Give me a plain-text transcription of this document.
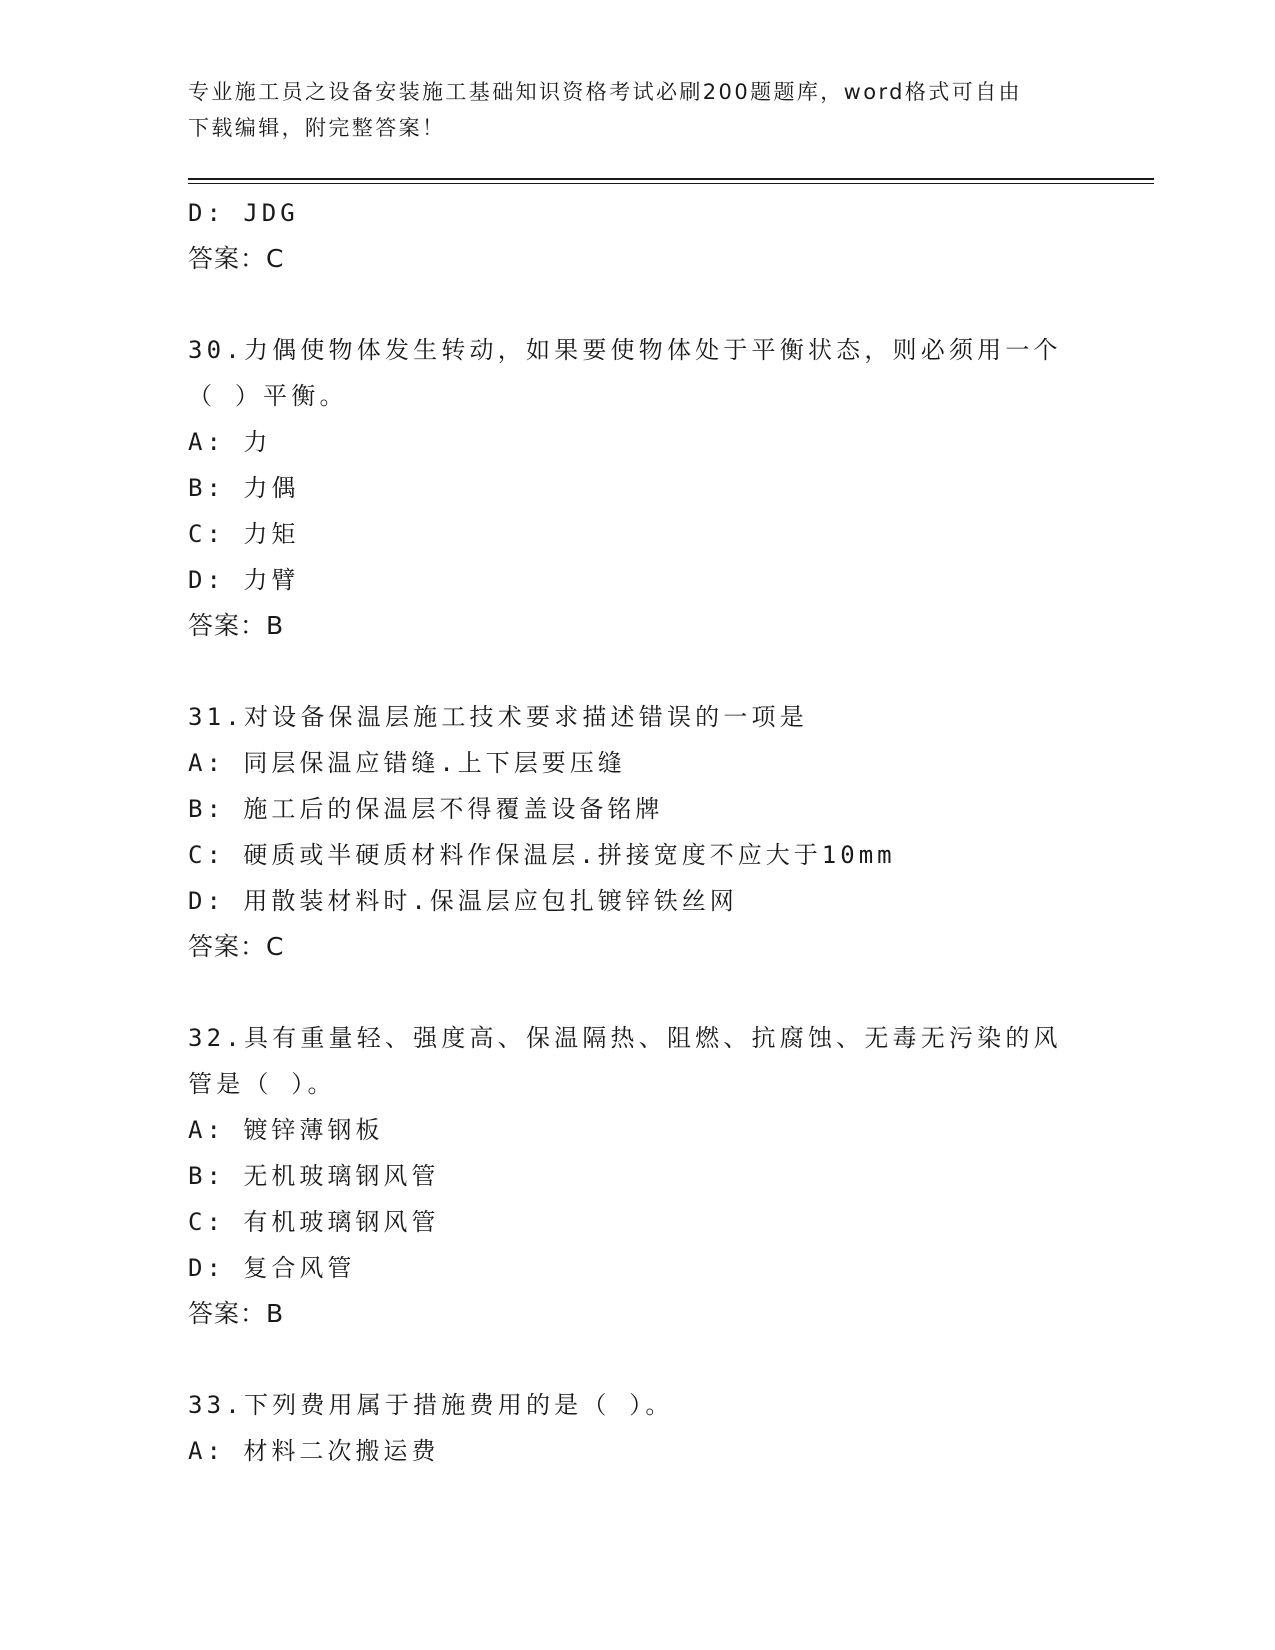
专业施工员之设备安装施工基础知识资格考试必刷200题题库，word格式可自由
下载编辑，附完整答案！
D: JDG
答案：C
30.力偶使物体发生转动，如果要使物体处于平衡状态，则必须用一个
（ ）平衡。
A: 力
B: 力偶
C: 力矩
D: 力臂
答案：B
31.对设备保温层施工技术要求描述错误的一项是
A: 同层保温应错缝.上下层要压缝
B: 施工后的保温层不得覆盖设备铭牌
C: 硬质或半硬质材料作保温层.拼接宽度不应大于10mm
D: 用散装材料时.保温层应包扎镀锌铁丝网
答案：C
32.具有重量轻、强度高、保温隔热、阻燃、抗腐蚀、无毒无污染的风
管是（ ）。
A: 镀锌薄钢板
B: 无机玻璃钢风管
C: 有机玻璃钢风管
D: 复合风管
答案：B
33.下列费用属于措施费用的是（ ）。
A: 材料二次搬运费
